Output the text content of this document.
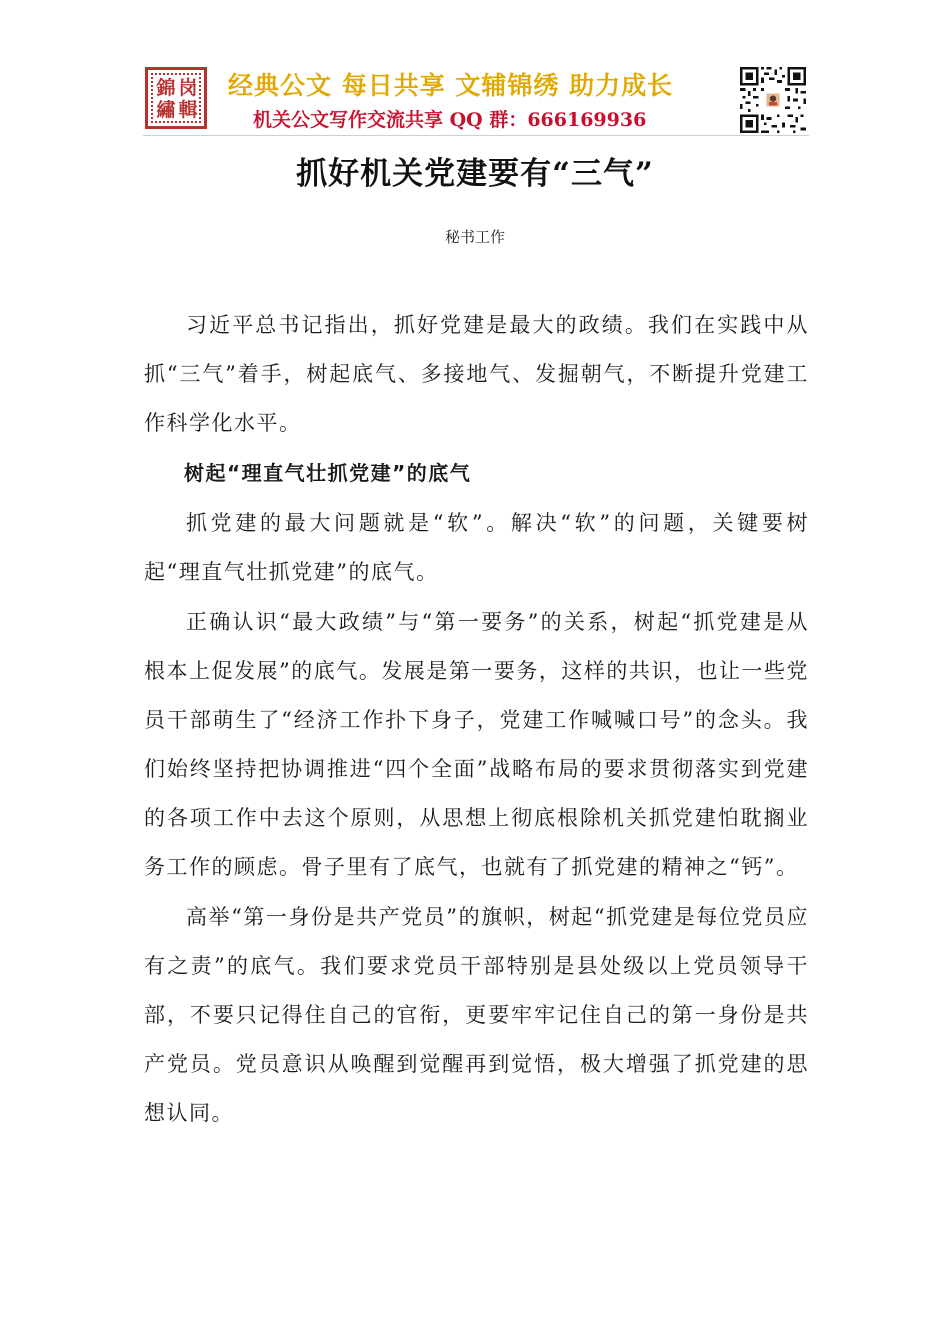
錦 岗
繡 輯
经典公文 每日共享 文辅锦绣 助力成长
机关公文写作交流共享 QQ 群：666169936
抓好机关党建要有“三气”
秘书工作

习近平总书记指出，抓好党建是最大的政绩。我们在实践中从抓“三气”着手，树起底气、多接地气、发掘朝气，不断提升党建工作科学化水平。

树起“理直气壮抓党建”的底气

抓党建的最大问题就是“软”。解决“软”的问题，关键要树起“理直气壮抓党建”的底气。

正确认识“最大政绩”与“第一要务”的关系，树起“抓党建是从根本上促发展”的底气。发展是第一要务，这样的共识，也让一些党员干部萌生了“经济工作扑下身子，党建工作喊喊口号”的念头。我们始终坚持把协调推进“四个全面”战略布局的要求贯彻落实到党建的各项工作中去这个原则，从思想上彻底根除机关抓党建怕耽搁业务工作的顾虑。骨子里有了底气，也就有了抓党建的精神之“钙”。

高举“第一身份是共产党员”的旗帜，树起“抓党建是每位党员应有之责”的底气。我们要求党员干部特别是县处级以上党员领导干部，不要只记得住自己的官衔，更要牢牢记住自己的第一身份是共产党员。党员意识从唤醒到觉醒再到觉悟，极大增强了抓党建的思想认同。
